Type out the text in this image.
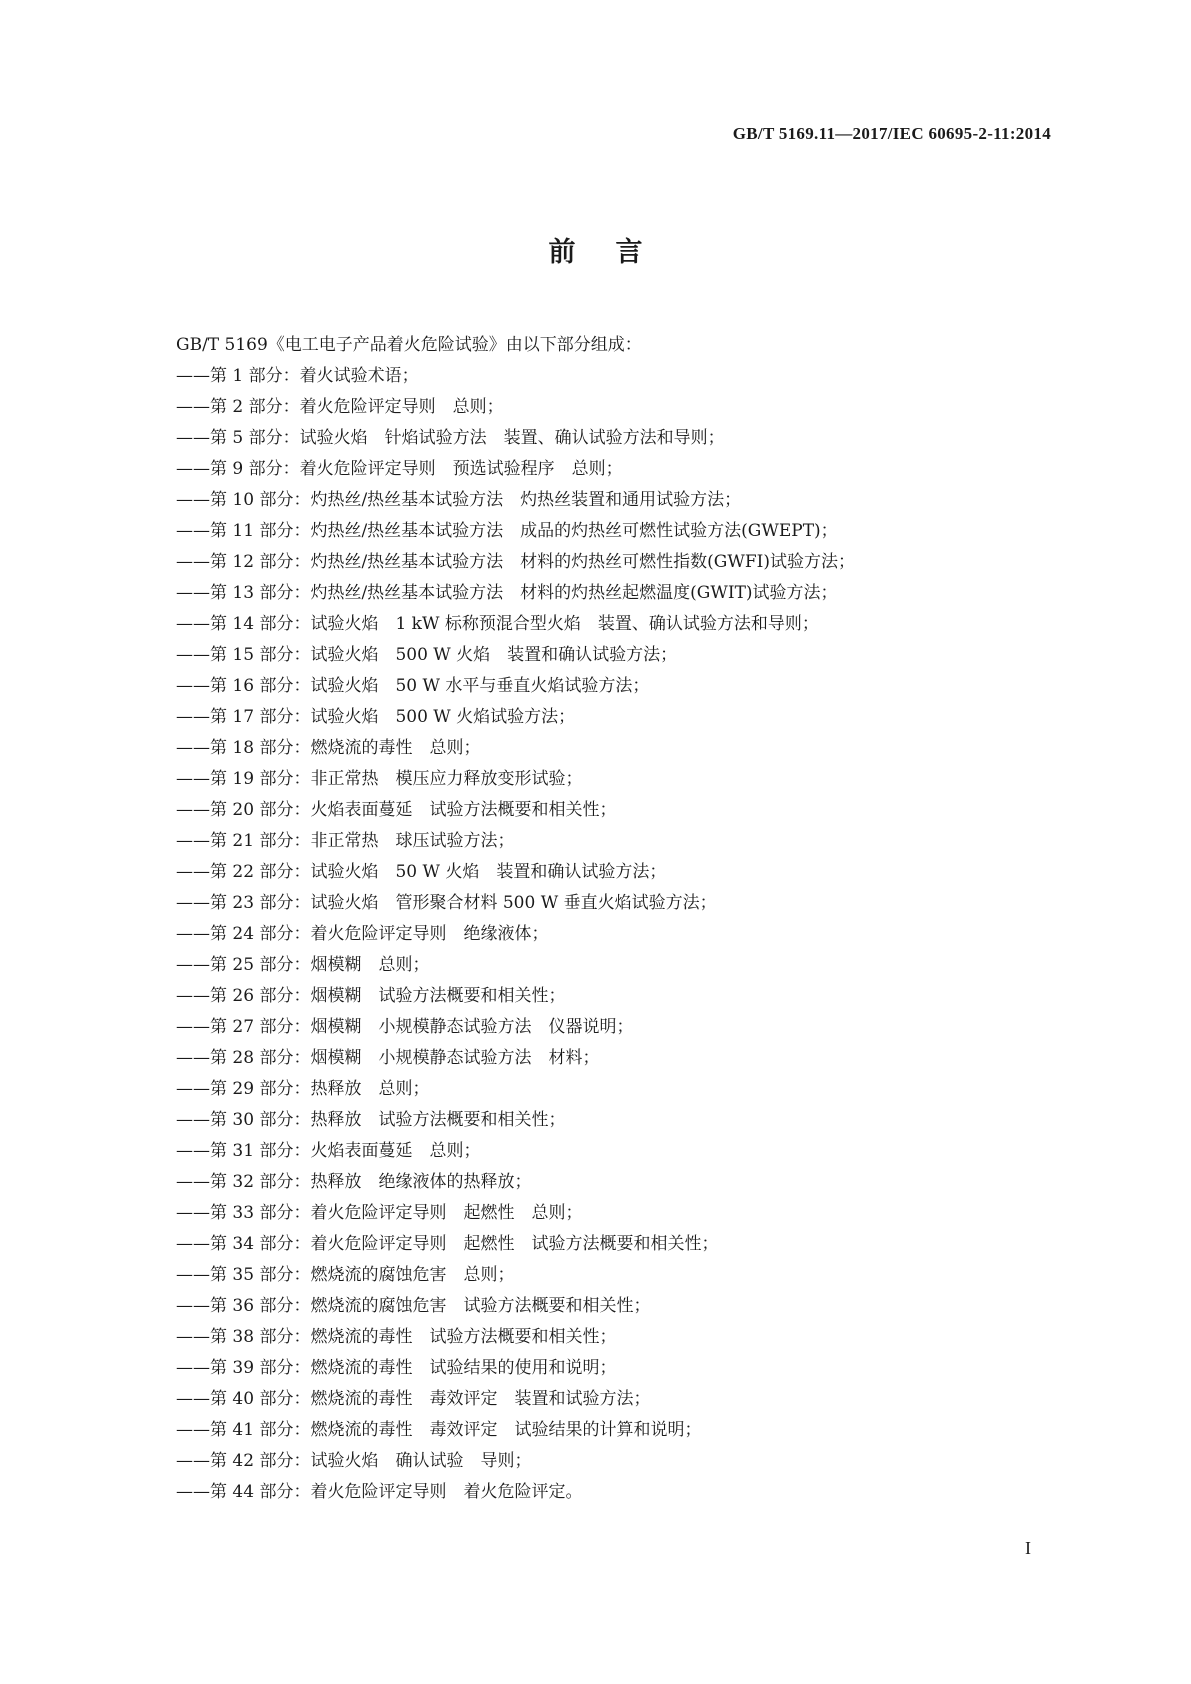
GB/T 5169.11—2017/IEC 60695-2-11:2014
前言
GB/T 5169《电工电子产品着火危险试验》由以下部分组成：
——第 1 部分：着火试验术语；
——第 2 部分：着火危险评定导则　总则；
——第 5 部分：试验火焰　针焰试验方法　装置、确认试验方法和导则；
——第 9 部分：着火危险评定导则　预选试验程序　总则；
——第 10 部分：灼热丝/热丝基本试验方法　灼热丝装置和通用试验方法；
——第 11 部分：灼热丝/热丝基本试验方法　成品的灼热丝可燃性试验方法(GWEPT)；
——第 12 部分：灼热丝/热丝基本试验方法　材料的灼热丝可燃性指数(GWFI)试验方法；
——第 13 部分：灼热丝/热丝基本试验方法　材料的灼热丝起燃温度(GWIT)试验方法；
——第 14 部分：试验火焰　1 kW 标称预混合型火焰　装置、确认试验方法和导则；
——第 15 部分：试验火焰　500 W 火焰　装置和确认试验方法；
——第 16 部分：试验火焰　50 W 水平与垂直火焰试验方法；
——第 17 部分：试验火焰　500 W 火焰试验方法；
——第 18 部分：燃烧流的毒性　总则；
——第 19 部分：非正常热　模压应力释放变形试验；
——第 20 部分：火焰表面蔓延　试验方法概要和相关性；
——第 21 部分：非正常热　球压试验方法；
——第 22 部分：试验火焰　50 W 火焰　装置和确认试验方法；
——第 23 部分：试验火焰　管形聚合材料 500 W 垂直火焰试验方法；
——第 24 部分：着火危险评定导则　绝缘液体；
——第 25 部分：烟模糊　总则；
——第 26 部分：烟模糊　试验方法概要和相关性；
——第 27 部分：烟模糊　小规模静态试验方法　仪器说明；
——第 28 部分：烟模糊　小规模静态试验方法　材料；
——第 29 部分：热释放　总则；
——第 30 部分：热释放　试验方法概要和相关性；
——第 31 部分：火焰表面蔓延　总则；
——第 32 部分：热释放　绝缘液体的热释放；
——第 33 部分：着火危险评定导则　起燃性　总则；
——第 34 部分：着火危险评定导则　起燃性　试验方法概要和相关性；
——第 35 部分：燃烧流的腐蚀危害　总则；
——第 36 部分：燃烧流的腐蚀危害　试验方法概要和相关性；
——第 38 部分：燃烧流的毒性　试验方法概要和相关性；
——第 39 部分：燃烧流的毒性　试验结果的使用和说明；
——第 40 部分：燃烧流的毒性　毒效评定　装置和试验方法；
——第 41 部分：燃烧流的毒性　毒效评定　试验结果的计算和说明；
——第 42 部分：试验火焰　确认试验　导则；
——第 44 部分：着火危险评定导则　着火危险评定。
I
